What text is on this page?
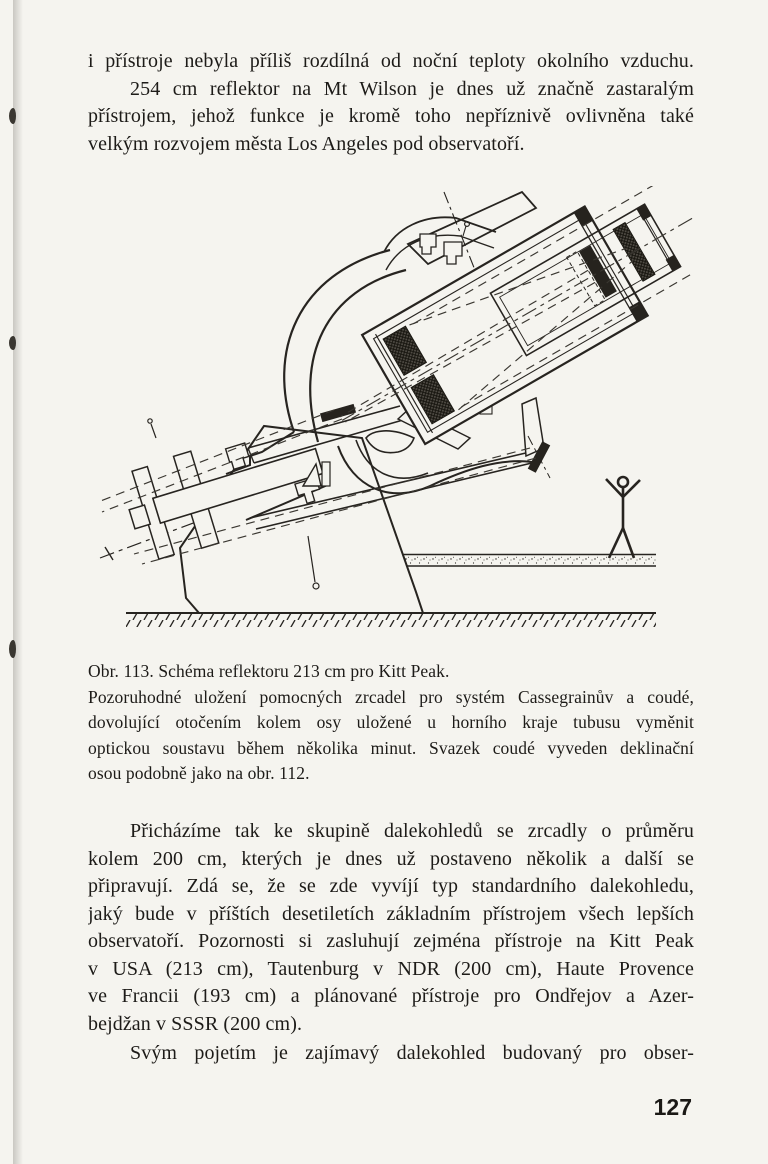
i přístroje nebyla příliš rozdílná od noční teploty okolního vzduchu.
254 cm reflektor na Mt Wilson je dnes už značně zastaralým
přístrojem, jehož funkce je kromě toho nepříznivě ovlivněna také
velkým rozvojem města Los Angeles pod observatoří.
Obr. 113. Schéma reflektoru 213 cm pro Kitt Peak.
Pozoruhodné uložení pomocných zrcadel pro systém Cassegrainův a coudé,
dovolující otočením kolem osy uložené u horního kraje tubusu vyměnit
optickou soustavu během několika minut. Svazek coudé vyveden deklinační
osou podobně jako na obr. 112.
Přicházíme tak ke skupině dalekohledů se zrcadly o průměru
kolem 200 cm, kterých je dnes už postaveno několik a další se
připravují. Zdá se, že se zde vyvíjí typ standardního dalekohledu,
jaký bude v příštích desetiletích základním přístrojem všech lepších
observatoří. Pozornosti si zasluhují zejména přístroje na Kitt Peak
v USA (213 cm), Tautenburg v NDR (200 cm), Haute Provence
ve Francii (193 cm) a plánované přístroje pro Ondřejov a Azer-
bejdžan v SSSR (200 cm).
Svým pojetím je zajímavý dalekohled budovaný pro obser-
127
